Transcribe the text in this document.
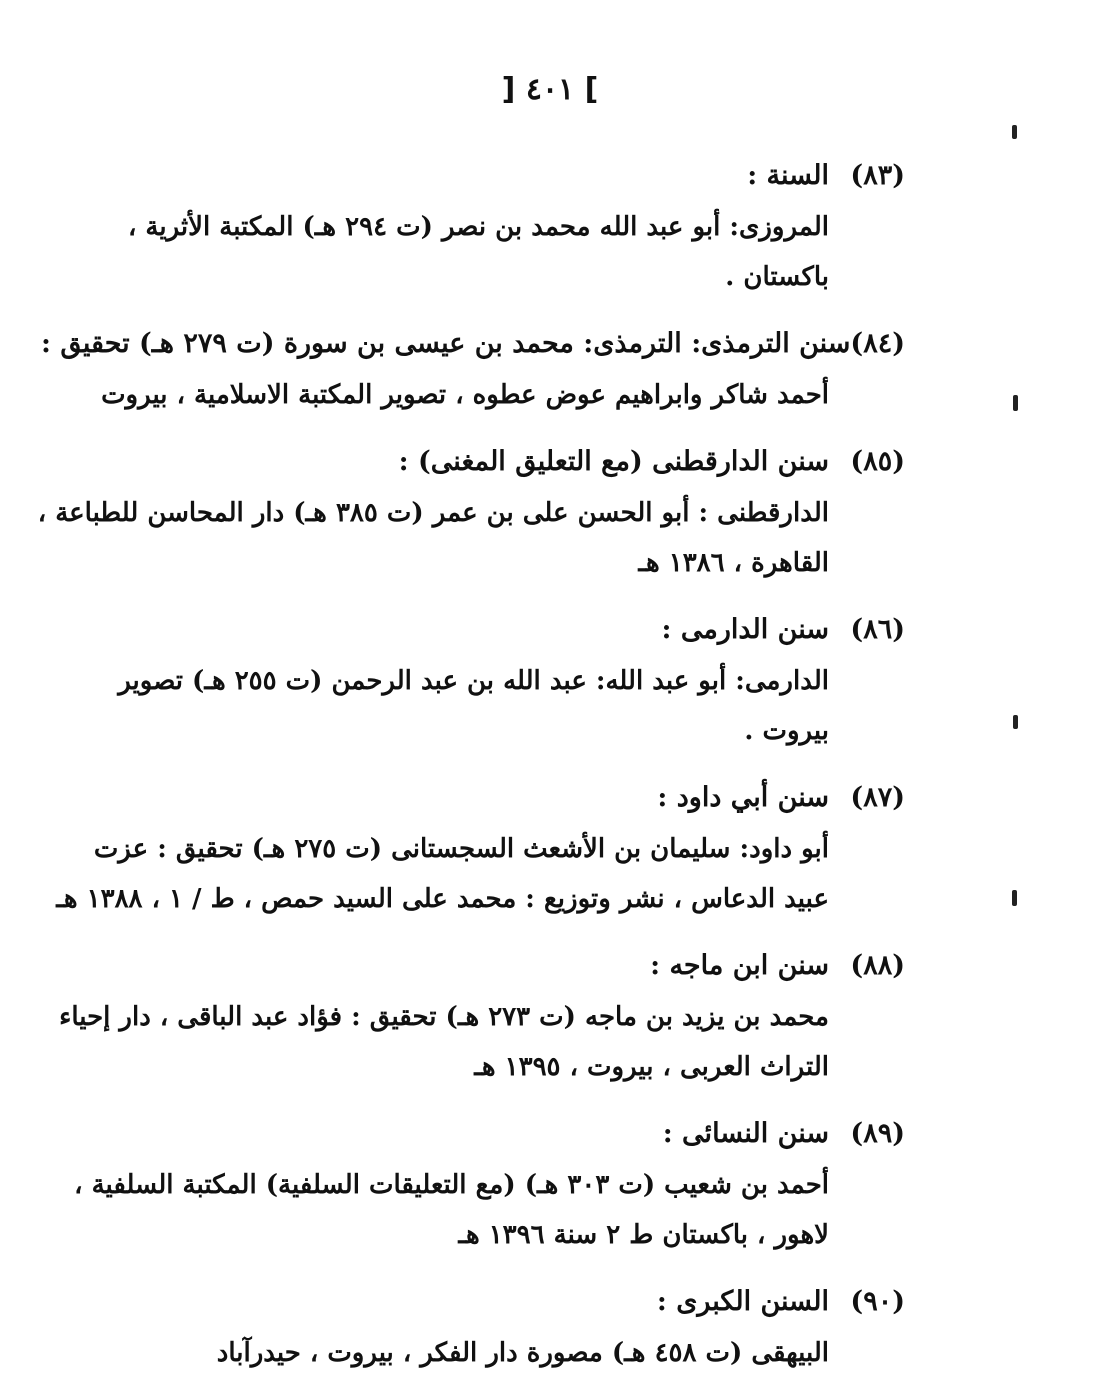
] ٤٠١ [
(٨٣)
السنة :
المروزى: أبو عبد الله محمد بن نصر (ت ٢٩٤ هـ) المكتبة الأثرية ،
باكستان .
(٨٤)
سنن الترمذى: الترمذى: محمد بن عيسى بن سورة (ت ٢٧٩ هـ) تحقيق :
أحمد شاكر وابراهيم عوض عطوه ، تصوير المكتبة الاسلامية ، بيروت
(٨٥)
سنن الدارقطنى (مع التعليق المغنى) :
الدارقطنى : أبو الحسن على بن عمر (ت ٣٨٥ هـ) دار المحاسن للطباعة ،
القاهرة ، ١٣٨٦ هـ
(٨٦)
سنن الدارمى :
الدارمى: أبو عبد الله: عبد الله بن عبد الرحمن (ت ٢٥٥ هـ) تصوير
بيروت .
(٨٧)
سنن أبي داود :
أبو داود: سليمان بن الأشعث السجستانى (ت ٢٧٥ هـ) تحقيق : عزت
عبيد الدعاس ، نشر وتوزيع : محمد على السيد حمص ، ط / ١ ، ١٣٨٨ هـ
(٨٨)
سنن ابن ماجه :
محمد بن يزيد بن ماجه (ت ٢٧٣ هـ) تحقيق : فؤاد عبد الباقى ، دار إحياء
التراث العربى ، بيروت ، ١٣٩٥ هـ
(٨٩)
سنن النسائى :
أحمد بن شعيب (ت ٣٠٣ هـ) (مع التعليقات السلفية) المكتبة السلفية ،
لاهور ، باكستان ط ٢ سنة ١٣٩٦ هـ
(٩٠)
السنن الكبرى :
البيهقى (ت ٤٥٨ هـ) مصورة دار الفكر ، بيروت ، حيدرآباد
